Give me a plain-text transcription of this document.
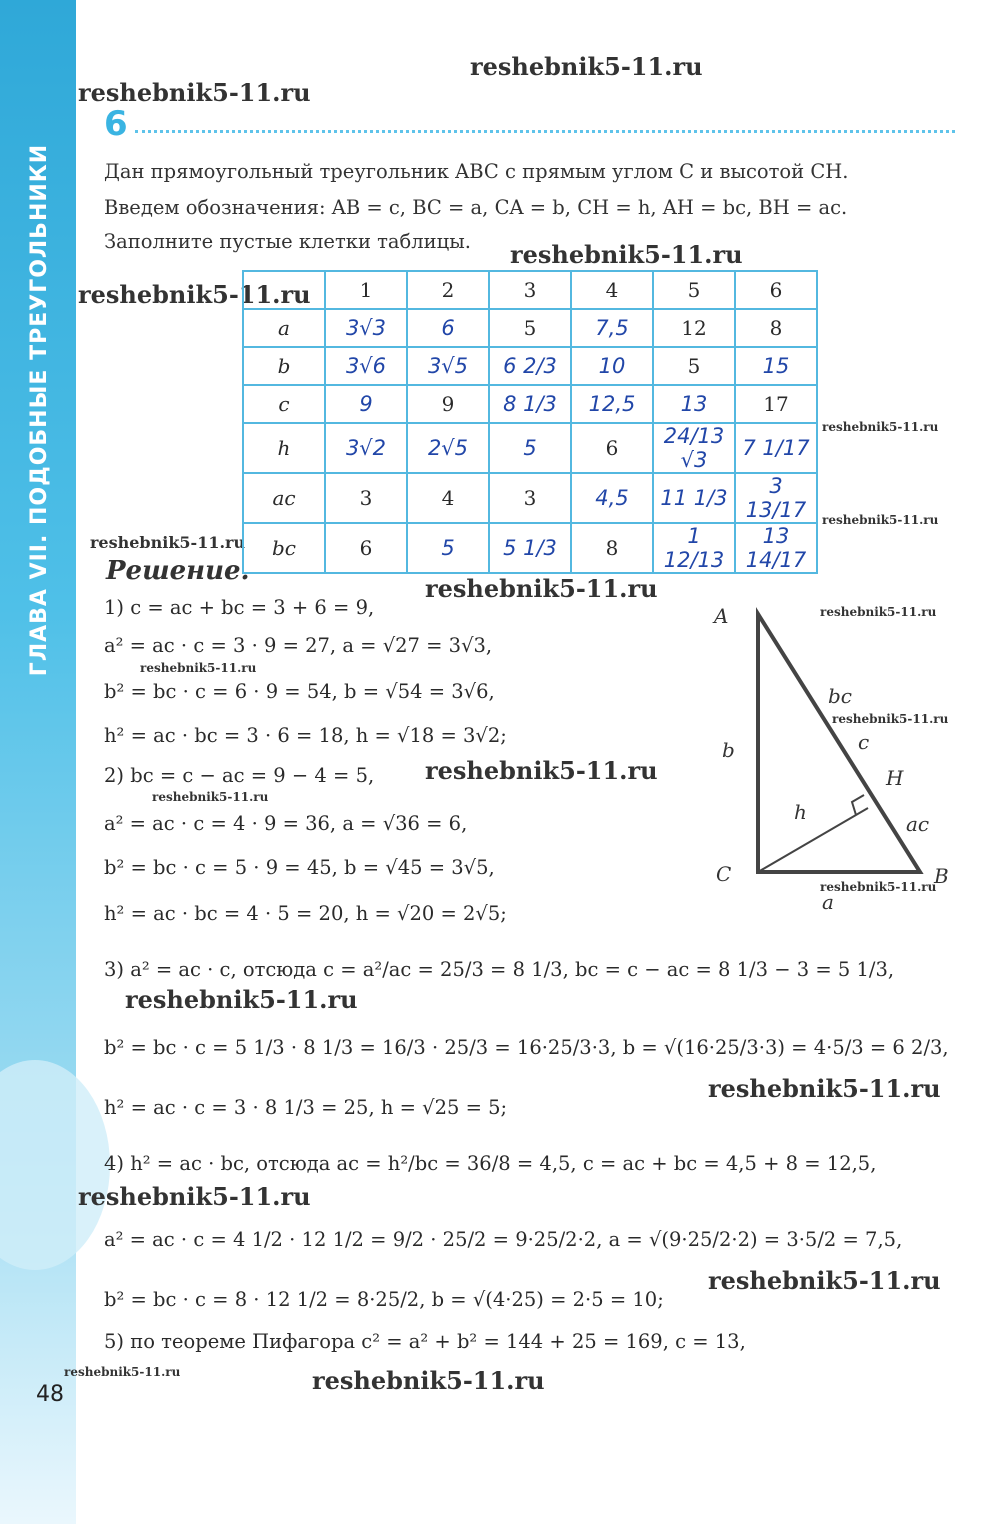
ГЛАВА VII. ПОДОБНЫЕ ТРЕУГОЛЬНИКИ
48
reshebnik5-11.ru
reshebnik5-11.ru
reshebnik5-11.ru
reshebnik5-11.ru
reshebnik5-11.ru
reshebnik5-11.ru
reshebnik5-11.ru
reshebnik5-11.ru
reshebnik5-11.ru
reshebnik5-11.ru
reshebnik5-11.ru
reshebnik5-11.ru
reshebnik5-11.ru
reshebnik5-11.ru
reshebnik5-11.ru
reshebnik5-11.ru
reshebnik5-11.ru
reshebnik5-11.ru
reshebnik5-11.ru	reshebnik5-11.ru
6
Дан прямоугольный треугольник ABC с прямым углом C и высотой CH.
Введем обозначения: AB = c, BC = a, CA = b, CH = h, AH = bc, BH = ac.
Заполните пустые клетки таблицы.
	1	2	3	4	5	6
a	3√3	6	5	7,5	12	8
b	3√6	3√5	6 2/3	10	5	15
c	9	9	8 1/3	12,5	13	17
h	3√2	2√5	5	6	24/13 √3	7 1/17
ac	3	4	3	4,5	11 1/3	3 13/17
bc	6	5	5 1/3	8	1 12/13	13 14/17
Решение.
1) c = ac + bc = 3 + 6 = 9,
a² = ac · c = 3 · 9 = 27, a = √27 = 3√3,
b² = bc · c = 6 · 9 = 54, b = √54 = 3√6,
h² = ac · bc = 3 · 6 = 18, h = √18 = 3√2;
2) bc = c − ac = 9 − 4 = 5,
a² = ac · c = 4 · 9 = 36, a = √36 = 6,
b² = bc · c = 5 · 9 = 45, b = √45 = 3√5,
h² = ac · bc = 4 · 5 = 20, h = √20 = 2√5;
3) a² = ac · c, отсюда c = a²/ac = 25/3 = 8 1/3, bc = c − ac = 8 1/3 − 3 = 5 1/3,
b² = bc · c = 5 1/3 · 8 1/3 = 16/3 · 25/3 = 16·25/3·3, b = √(16·25/3·3) = 4·5/3 = 6 2/3,
h² = ac · c = 3 · 8 1/3 = 25, h = √25 = 5;
4) h² = ac · bc, отсюда ac = h²/bc = 36/8 = 4,5, c = ac + bc = 4,5 + 8 = 12,5,
a² = ac · c = 4 1/2 · 12 1/2 = 9/2 · 25/2 = 9·25/2·2, a = √(9·25/2·2) = 3·5/2 = 7,5,
b² = bc · c = 8 · 12 1/2 = 8·25/2, b = √(4·25) = 2·5 = 10;
5) по теореме Пифагора c² = a² + b² = 144 + 25 = 169, c = 13,
A
C	B
H
a
b	c
h	ac
bc
